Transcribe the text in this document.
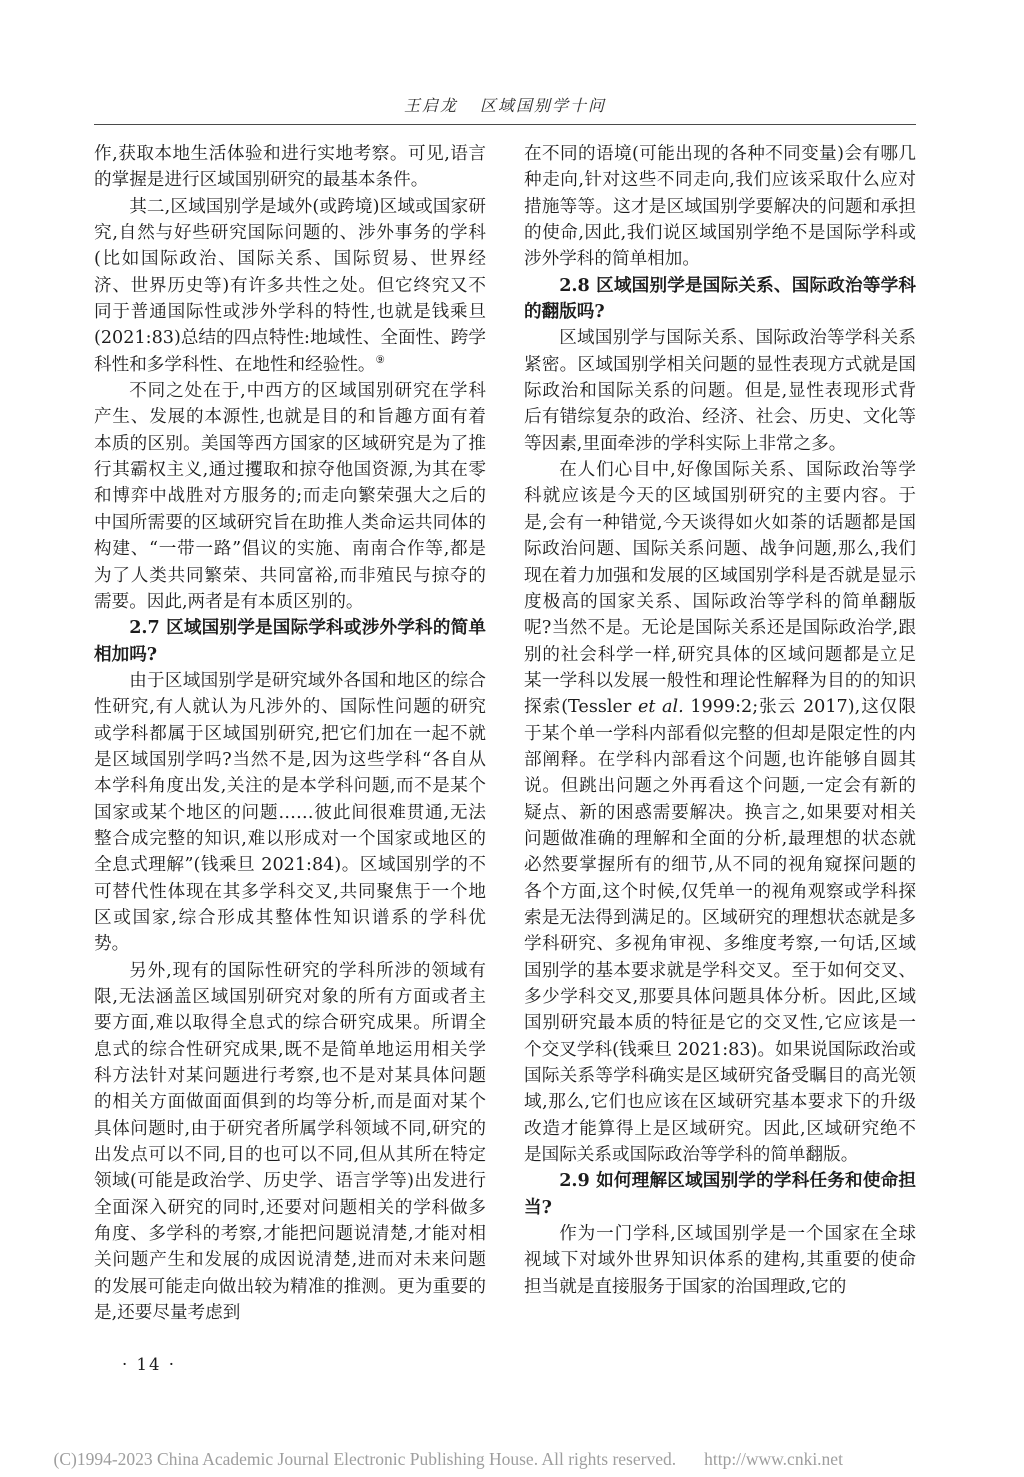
王启龙 区域国别学十问

作,获取本地生活体验和进行实地考察。可见,语言的掌握是进行区域国别研究的最基本条件。

其二,区域国别学是域外(或跨境)区域或国家研究,自然与好些研究国际问题的、涉外事务的学科(比如国际政治、国际关系、国际贸易、世界经济、世界历史等)有许多共性之处。但它终究又不同于普通国际性或涉外学科的特性,也就是钱乘旦(2021:83)总结的四点特性:地域性、全面性、跨学科性和多学科性、在地性和经验性。⑨

不同之处在于,中西方的区域国别研究在学科产生、发展的本源性,也就是目的和旨趣方面有着本质的区别。美国等西方国家的区域研究是为了推行其霸权主义,通过攫取和掠夺他国资源,为其在零和博弈中战胜对方服务的;而走向繁荣强大之后的中国所需要的区域研究旨在助推人类命运共同体的构建、“一带一路”倡议的实施、南南合作等,都是为了人类共同繁荣、共同富裕,而非殖民与掠夺的需要。因此,两者是有本质区别的。

2.7 区域国别学是国际学科或涉外学科的简单相加吗?

由于区域国别学是研究域外各国和地区的综合性研究,有人就认为凡涉外的、国际性问题的研究或学科都属于区域国别研究,把它们加在一起不就是区域国别学吗?当然不是,因为这些学科“各自从本学科角度出发,关注的是本学科问题,而不是某个国家或某个地区的问题……彼此间很难贯通,无法整合成完整的知识,难以形成对一个国家或地区的全息式理解”(钱乘旦 2021:84)。区域国别学的不可替代性体现在其多学科交叉,共同聚焦于一个地区或国家,综合形成其整体性知识谱系的学科优势。

另外,现有的国际性研究的学科所涉的领域有限,无法涵盖区域国别研究对象的所有方面或者主要方面,难以取得全息式的综合研究成果。所谓全息式的综合性研究成果,既不是简单地运用相关学科方法针对某问题进行考察,也不是对某具体问题的相关方面做面面俱到的均等分析,而是面对某个具体问题时,由于研究者所属学科领域不同,研究的出发点可以不同,目的也可以不同,但从其所在特定领域(可能是政治学、历史学、语言学等)出发进行全面深入研究的同时,还要对问题相关的学科做多角度、多学科的考察,才能把问题说清楚,才能对相关问题产生和发展的成因说清楚,进而对未来问题的发展可能走向做出较为精准的推测。更为重要的是,还要尽量考虑到

在不同的语境(可能出现的各种不同变量)会有哪几种走向,针对这些不同走向,我们应该采取什么应对措施等等。这才是区域国别学要解决的问题和承担的使命,因此,我们说区域国别学绝不是国际学科或涉外学科的简单相加。

2.8 区域国别学是国际关系、国际政治等学科的翻版吗?

区域国别学与国际关系、国际政治等学科关系紧密。区域国别学相关问题的显性表现方式就是国际政治和国际关系的问题。但是,显性表现形式背后有错综复杂的政治、经济、社会、历史、文化等等因素,里面牵涉的学科实际上非常之多。

在人们心目中,好像国际关系、国际政治等学科就应该是今天的区域国别研究的主要内容。于是,会有一种错觉,今天谈得如火如荼的话题都是国际政治问题、国际关系问题、战争问题,那么,我们现在着力加强和发展的区域国别学科是否就是显示度极高的国家关系、国际政治等学科的简单翻版呢?当然不是。无论是国际关系还是国际政治学,跟别的社会科学一样,研究具体的区域问题都是立足某一学科以发展一般性和理论性解释为目的的知识探索(Tessler et al. 1999:2;张云 2017),这仅限于某个单一学科内部看似完整的但却是限定性的内部阐释。在学科内部看这个问题,也许能够自圆其说。但跳出问题之外再看这个问题,一定会有新的疑点、新的困惑需要解决。换言之,如果要对相关问题做准确的理解和全面的分析,最理想的状态就必然要掌握所有的细节,从不同的视角窥探问题的各个方面,这个时候,仅凭单一的视角观察或学科探索是无法得到满足的。区域研究的理想状态就是多学科研究、多视角审视、多维度考察,一句话,区域国别学的基本要求就是学科交叉。至于如何交叉、多少学科交叉,那要具体问题具体分析。因此,区域国别研究最本质的特征是它的交叉性,它应该是一个交叉学科(钱乘旦 2021:83)。如果说国际政治或国际关系等学科确实是区域研究备受瞩目的高光领域,那么,它们也应该在区域研究基本要求下的升级改造才能算得上是区域研究。因此,区域研究绝不是国际关系或国际政治等学科的简单翻版。

2.9 如何理解区域国别学的学科任务和使命担当?

作为一门学科,区域国别学是一个国家在全球视域下对域外世界知识体系的建构,其重要的使命担当就是直接服务于国家的治国理政,它的

· 14 ·

(C)1994-2023 China Academic Journal Electronic Publishing House. All rights reserved. http://www.cnki.net
